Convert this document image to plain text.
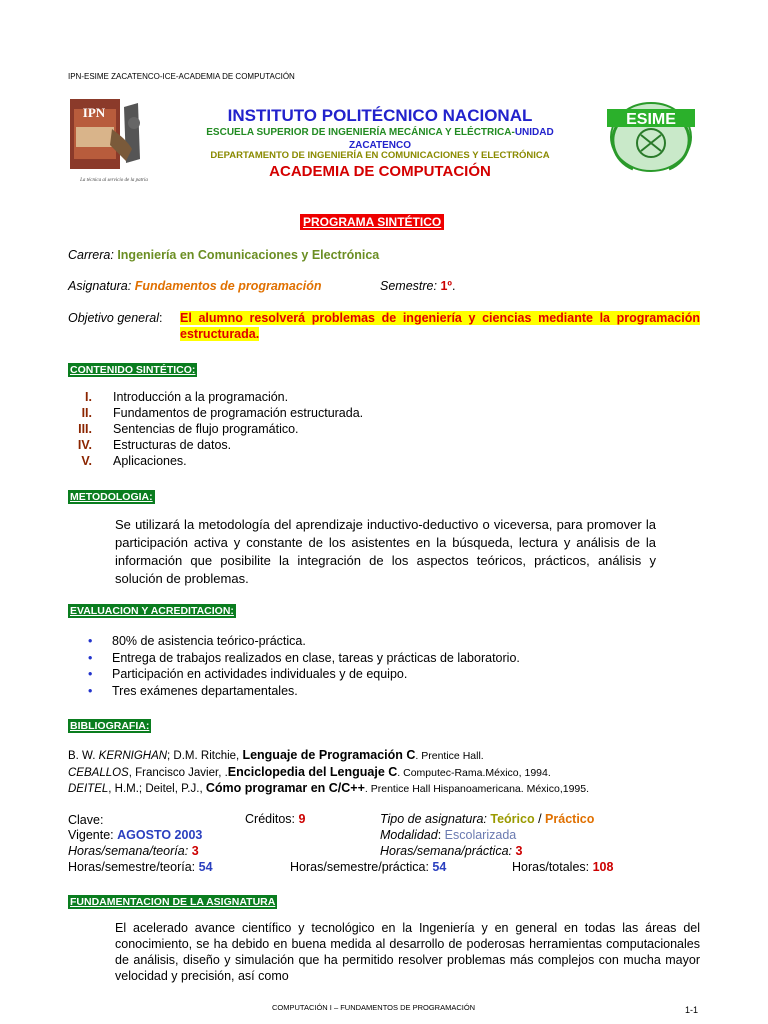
IPN-ESIME ZACATENCO-ICE-ACADEMIA DE COMPUTACIÓN
IPN
La técnica al servicio de la patria
ESIME
INSTITUTO POLITÉCNICO NACIONAL
ESCUELA SUPERIOR DE INGENIERÍA MECÁNICA Y ELÉCTRICA-UNIDAD
ZACATENCO
DEPARTAMENTO DE INGENIERÍA EN COMUNICACIONES Y ELECTRÓNICA
ACADEMIA DE COMPUTACIÓN
PROGRAMA SINTÉTICO
Carrera: Ingeniería en Comunicaciones y Electrónica
Asignatura: Fundamentos de programación	Semestre: 1º.
Objetivo general: El alumno resolverá problemas de ingeniería y ciencias mediante la programación estructurada.
CONTENIDO SINTÉTICO:
I. Introducción a la programación.
II. Fundamentos de programación estructurada.
III. Sentencias de flujo programático.
IV. Estructuras de datos.
V. Aplicaciones.
METODOLOGIA:
Se utilizará la metodología del aprendizaje inductivo-deductivo o viceversa, para promover la participación activa y constante de los asistentes en la búsqueda, lectura y análisis de la información que posibilite la integración de los aspectos teóricos, prácticos, análisis y solución de problemas.
EVALUACION Y ACREDITACION:
• 80% de asistencia teórico-práctica.
• Entrega de trabajos realizados en clase, tareas y prácticas de laboratorio.
• Participación en actividades individuales y de equipo.
• Tres exámenes departamentales.
BIBLIOGRAFIA:
B. W. KERNIGHAN; D.M. Ritchie, Lenguaje de Programación C. Prentice Hall.
CEBALLOS, Francisco Javier, .Enciclopedia del Lenguaje C. Computec-Rama.México, 1994.
DEITEL, H.M.; Deitel, P.J., Cómo programar en C/C++. Prentice Hall Hispanoamericana. México,1995.
Clave:	Créditos: 9	Tipo de asignatura: Teórico / Práctico
Vigente: AGOSTO 2003	Modalidad: Escolarizada
Horas/semana/teoría: 3	Horas/semana/práctica: 3
Horas/semestre/teoría: 54	Horas/semestre/práctica: 54	Horas/totales: 108
FUNDAMENTACION DE LA ASIGNATURA
El acelerado avance científico y tecnológico en la Ingeniería y en general en todas las áreas del conocimiento, se ha debido en buena medida al desarrollo de poderosas herramientas computacionales de análisis, diseño y simulación que ha permitido resolver problemas más complejos con mucha mayor velocidad y precisión, así como
COMPUTACIÓN I – FUNDAMENTOS DE PROGRAMACIÓN	1-1
